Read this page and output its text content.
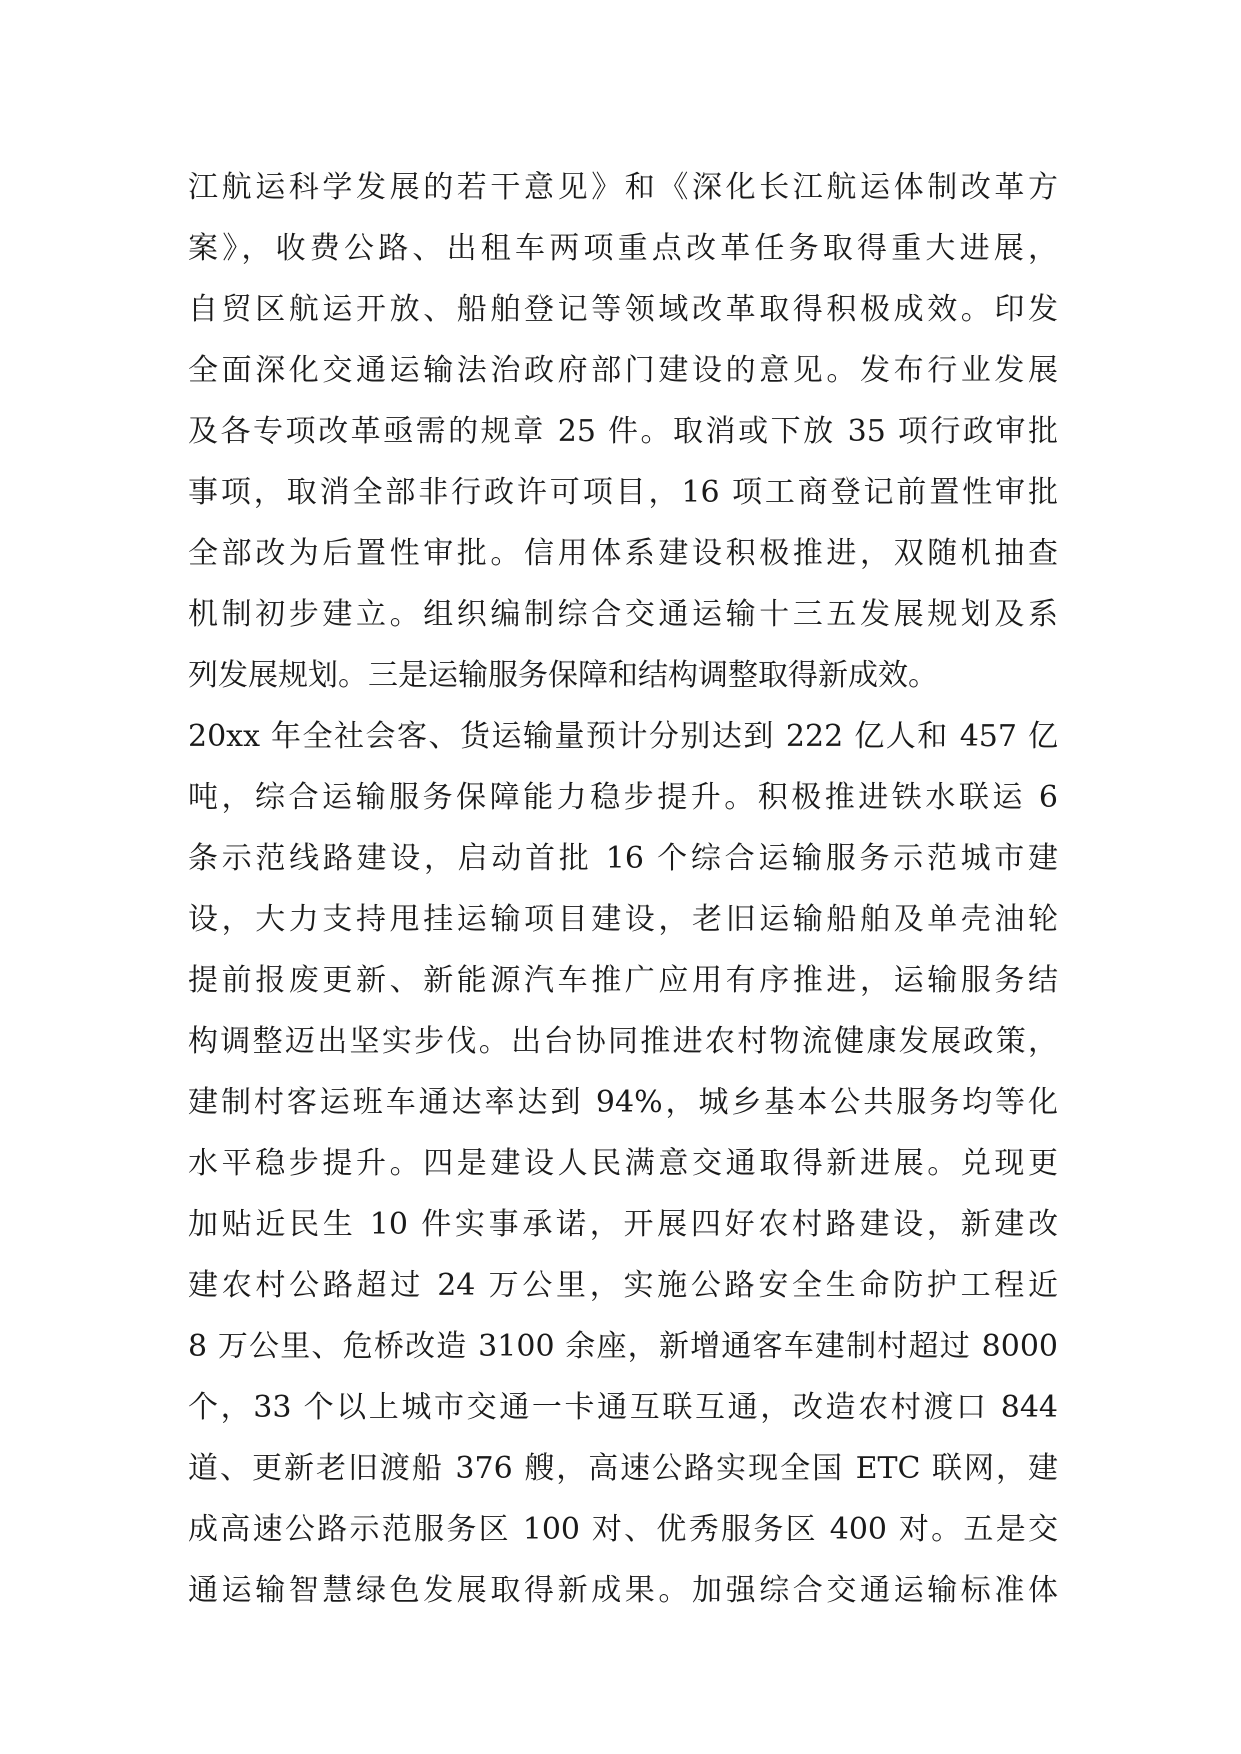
江航运科学发展的若干意见》和《深化长江航运体制改革方
案》，收费公路、出租车两项重点改革任务取得重大进展，
自贸区航运开放、船舶登记等领域改革取得积极成效。印发
全面深化交通运输法治政府部门建设的意见。发布行业发展
及各专项改革亟需的规章 25 件。取消或下放 35 项行政审批
事项，取消全部非行政许可项目，16 项工商登记前置性审批
全部改为后置性审批。信用体系建设积极推进，双随机抽查
机制初步建立。组织编制综合交通运输十三五发展规划及系
列发展规划。三是运输服务保障和结构调整取得新成效。
20xx 年全社会客、货运输量预计分别达到 222 亿人和 457 亿
吨，综合运输服务保障能力稳步提升。积极推进铁水联运 6
条示范线路建设，启动首批 16 个综合运输服务示范城市建
设，大力支持甩挂运输项目建设，老旧运输船舶及单壳油轮
提前报废更新、新能源汽车推广应用有序推进，运输服务结
构调整迈出坚实步伐。出台协同推进农村物流健康发展政策，
建制村客运班车通达率达到 94%，城乡基本公共服务均等化
水平稳步提升。四是建设人民满意交通取得新进展。兑现更
加贴近民生 10 件实事承诺，开展四好农村路建设，新建改
建农村公路超过 24 万公里，实施公路安全生命防护工程近
8 万公里、危桥改造 3100 余座，新增通客车建制村超过 8000
个，33 个以上城市交通一卡通互联互通，改造农村渡口 844
道、更新老旧渡船 376 艘，高速公路实现全国 ETC 联网，建
成高速公路示范服务区 100 对、优秀服务区 400 对。五是交
通运输智慧绿色发展取得新成果。加强综合交通运输标准体
